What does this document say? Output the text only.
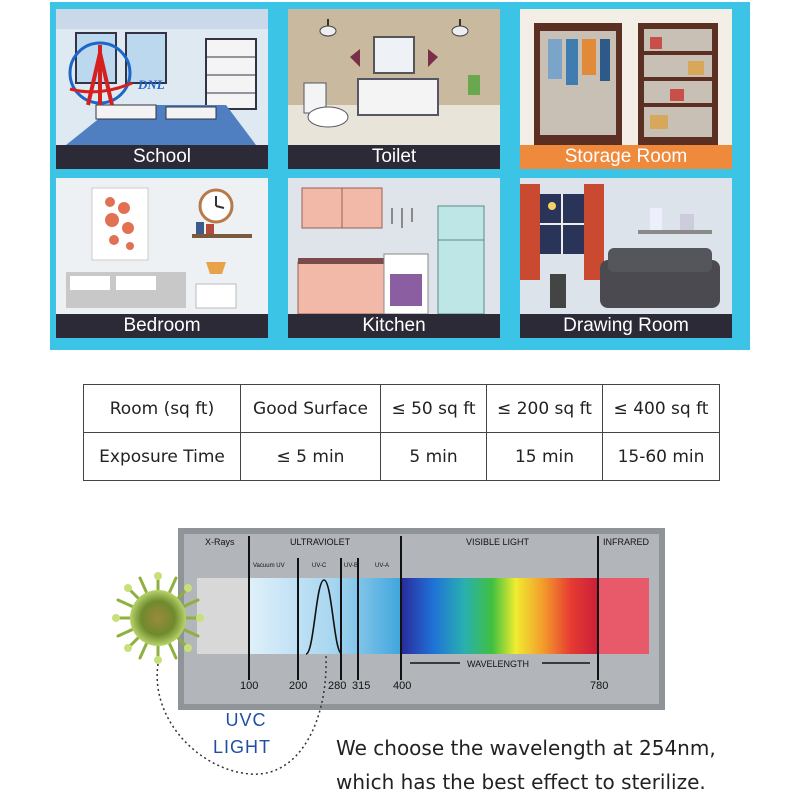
DNL
School	Toilet	Storage Room
Bedroom	Kitchen	Drawing Room
Room (sq ft)	Good Surface	≤ 50 sq ft	≤ 200 sq ft	≤ 400 sq ft
Exposure Time	≤ 5 min	5 min	15 min	15-60 min
X-Rays	ULTRAVIOLET	VISIBLE LIGHT	INFRARED
Vacuum UV	UV-C	UV-B	UV-A
WAVELENGTH
100	200 280 315 400	780
UVC
LIGHT	We choose the wavelength at 254nm,
which has the best effect to sterilize.
